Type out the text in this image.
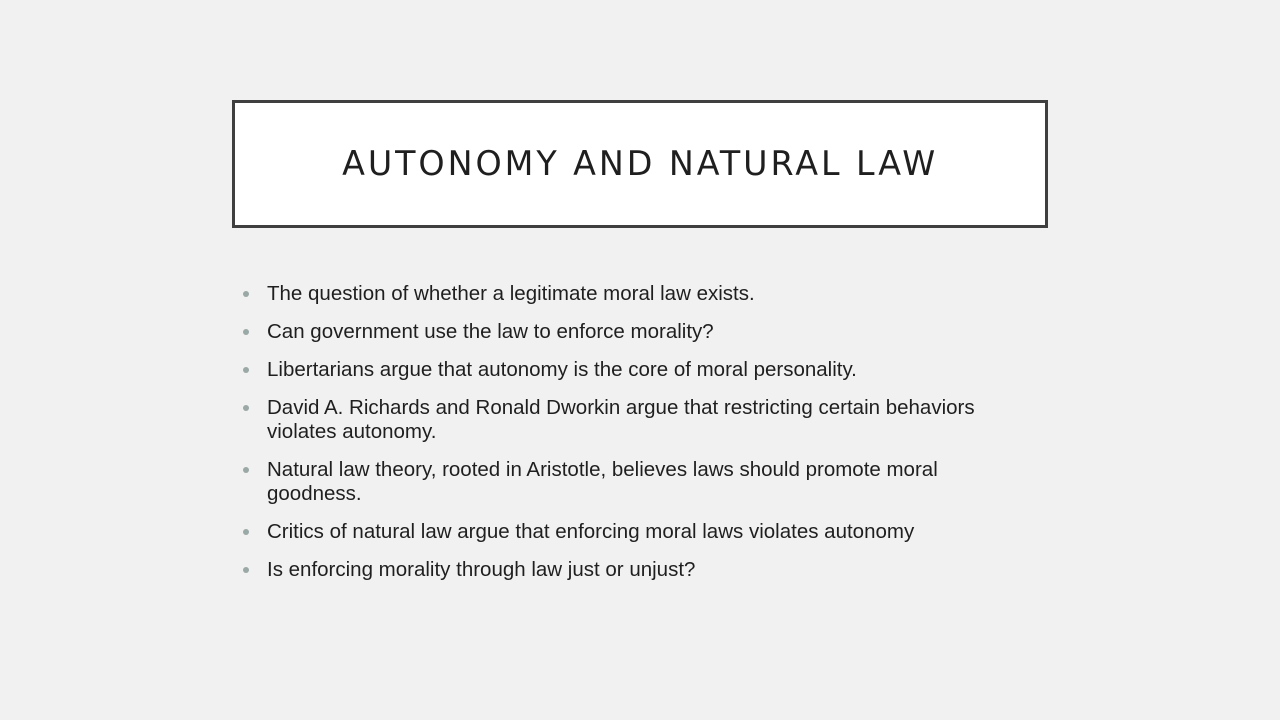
AUTONOMY AND NATURAL LAW
The question of whether a legitimate moral law exists.
Can government use the law to enforce morality?
Libertarians argue that autonomy is the core of moral personality.
David A. Richards and Ronald Dworkin argue that restricting certain behaviors violates autonomy.
Natural law theory, rooted in Aristotle, believes laws should promote moral goodness.
Critics of natural law argue that enforcing moral laws violates autonomy
Is enforcing morality through law just or unjust?
